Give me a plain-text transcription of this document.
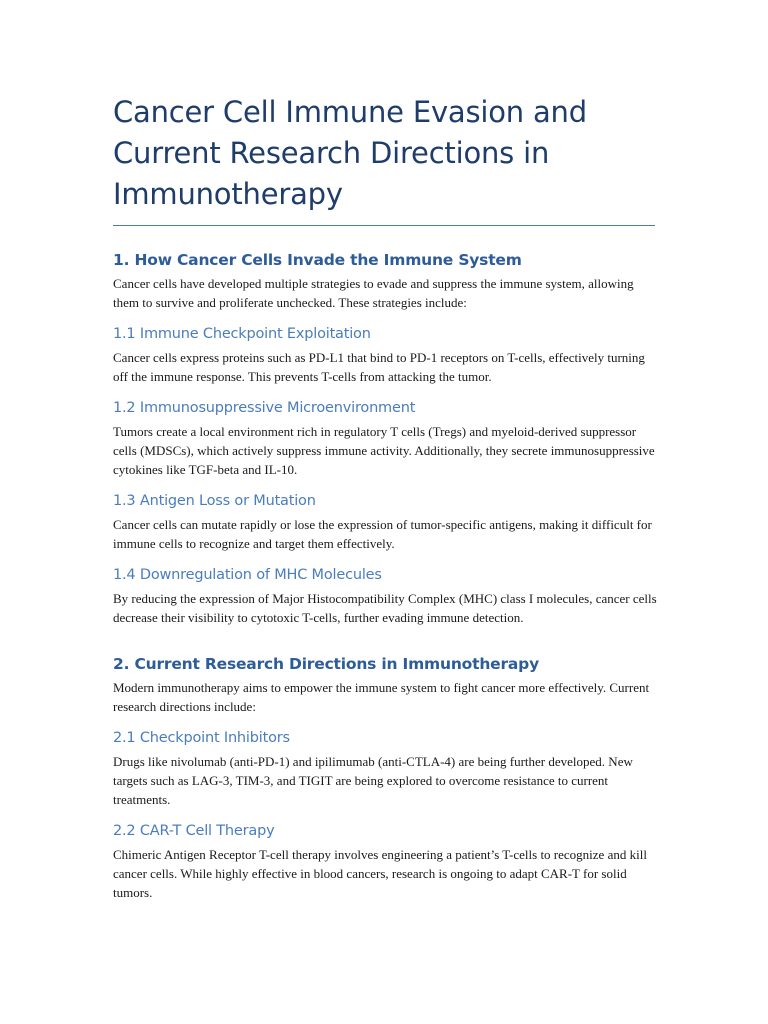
Cancer Cell Immune Evasion and Current Research Directions in Immunotherapy
1. How Cancer Cells Invade the Immune System

Cancer cells have developed multiple strategies to evade and suppress the immune system, allowing them to survive and proliferate unchecked. These strategies include:

1.1 Immune Checkpoint Exploitation

Cancer cells express proteins such as PD-L1 that bind to PD-1 receptors on T-cells, effectively turning off the immune response. This prevents T-cells from attacking the tumor.

1.2 Immunosuppressive Microenvironment

Tumors create a local environment rich in regulatory T cells (Tregs) and myeloid-derived suppressor cells (MDSCs), which actively suppress immune activity. Additionally, they secrete immunosuppressive cytokines like TGF-beta and IL-10.

1.3 Antigen Loss or Mutation

Cancer cells can mutate rapidly or lose the expression of tumor-specific antigens, making it difficult for immune cells to recognize and target them effectively.

1.4 Downregulation of MHC Molecules

By reducing the expression of Major Histocompatibility Complex (MHC) class I molecules, cancer cells decrease their visibility to cytotoxic T-cells, further evading immune detection.

2. Current Research Directions in Immunotherapy

Modern immunotherapy aims to empower the immune system to fight cancer more effectively. Current research directions include:

2.1 Checkpoint Inhibitors

Drugs like nivolumab (anti-PD-1) and ipilimumab (anti-CTLA-4) are being further developed. New targets such as LAG-3, TIM-3, and TIGIT are being explored to overcome resistance to current treatments.

2.2 CAR-T Cell Therapy

Chimeric Antigen Receptor T-cell therapy involves engineering a patient’s T-cells to recognize and kill cancer cells. While highly effective in blood cancers, research is ongoing to adapt CAR-T for solid tumors.
